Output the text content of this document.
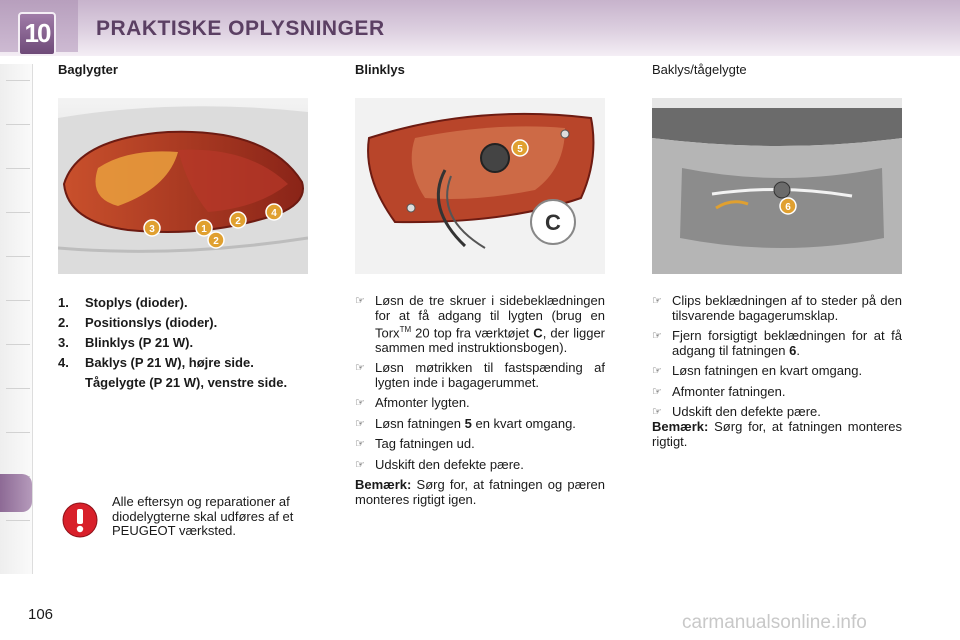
10 PRAKTISKE OPLYSNINGER
Baglygter	Blinklys	Baklys/tågelygte
1
2
2
3
4
5
C
6
1.	Stoplys (dioder).
2.	Positionslys (dioder).
3.	Blinklys (P 21 W).
4.	Baklys (P 21 W), højre side.
Tågelygte (P 21 W), venstre side.
Alle eftersyn og reparationer af diodelygterne skal udføres af et PEUGEOT værksted.
☞ Løsn de tre skruer i sidebeklædningen for at få adgang til lygten (brug en Torx™ 20 top fra værktøjet C, der ligger sammen med instruktionsbogen).
☞ Løsn møtrikken til fastspænding af lygten inde i bagagerummet.
☞ Afmonter lygten.
☞ Løsn fatningen 5 en kvart omgang.
☞ Tag fatningen ud.
☞ Udskift den defekte pære.
Bemærk: Sørg for, at fatningen og pæren monteres rigtigt igen.
☞ Clips beklædningen af to steder på den tilsvarende bagagerumsklap.
☞ Fjern forsigtigt beklædningen for at få adgang til fatningen 6.
☞ Løsn fatningen en kvart omgang.
☞ Afmonter fatningen.
☞ Udskift den defekte pære.
Bemærk: Sørg for, at fatningen monteres rigtigt.
106	carmanualsonline.info
